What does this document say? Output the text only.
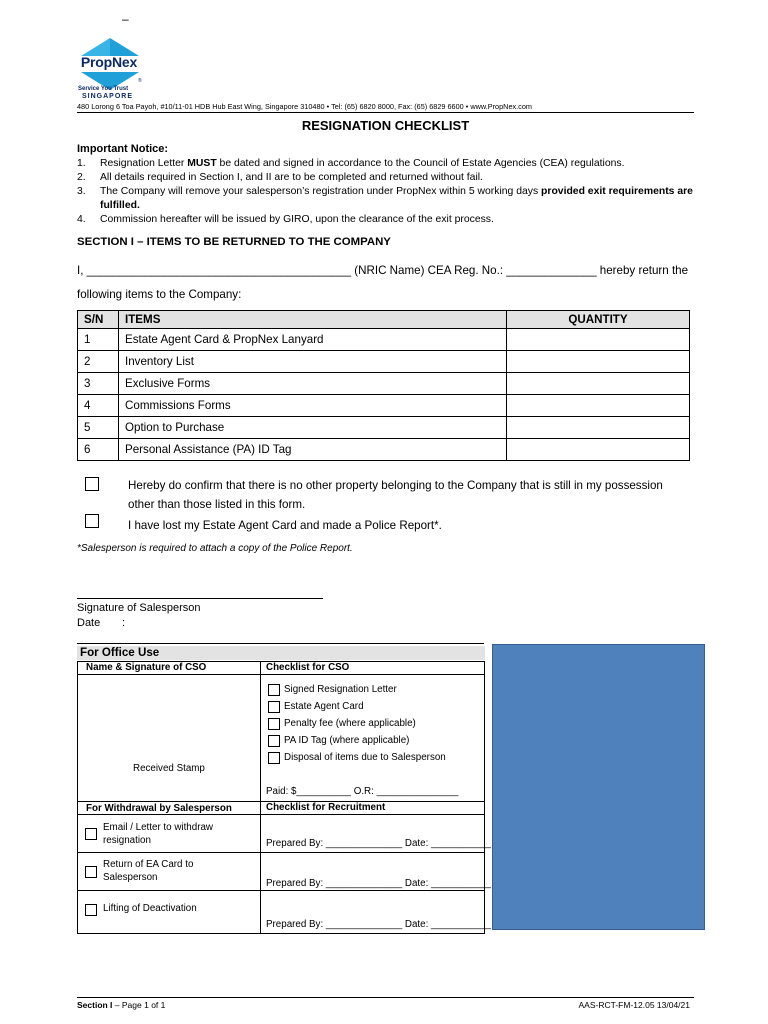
–
PropNex
®
Service You Trust
SINGAPORE
480 Lorong 6 Toa Payoh, #10/11-01 HDB Hub East Wing, Singapore 310480 • Tel: (65) 6820 8000, Fax: (65) 6829 6600 • www.PropNex.com
RESIGNATION CHECKLIST
Important Notice:
1.	Resignation Letter MUST be dated and signed in accordance to the Council of Estate Agencies (CEA) regulations.
2.	All details required in Section I, and II are to be completed and returned without fail.
3.	The Company will remove your salesperson’s registration under PropNex within 5 working days provided exit requirements are fulfilled.
4.	Commission hereafter will be issued by GIRO, upon the clearance of the exit process.
SECTION I – ITEMS TO BE RETURNED TO THE COMPANY
I, _________________________________________ (NRIC Name) CEA Reg. No.: ______________ hereby return the
following items to the Company:
S/N	ITEMS	QUANTITY
1	Estate Agent Card & PropNex Lanyard	
2	Inventory List	
3	Exclusive Forms	
4	Commissions Forms	
5	Option to Purchase	
6	Personal Assistance (PA) ID Tag	
Hereby do confirm that there is no other property belonging to the Company that is still in my possession other than those listed in this form.
I have lost my Estate Agent Card and made a Police Report*.
*Salesperson is required to attach a copy of the Police Report.
Signature of Salesperson
Date :
For Office Use
Name & Signature of CSO	Checklist for CSO
Received Stamp
Signed Resignation Letter
Estate Agent Card
Penalty fee (where applicable)
PA ID Tag (where applicable)
Disposal of items due to Salesperson
Paid: $__________ O.R: _______________
For Withdrawal by Salesperson	Checklist for Recruitment
Email / Letter to withdraw
resignation	Prepared By: ______________ Date: ___________
Return of EA Card to
Salesperson
Prepared By: ______________ Date: ___________
Lifting of Deactivation
Prepared By: ______________ Date: ___________
Section I – Page 1 of 1	AAS-RCT-FM-12.05 13/04/21
